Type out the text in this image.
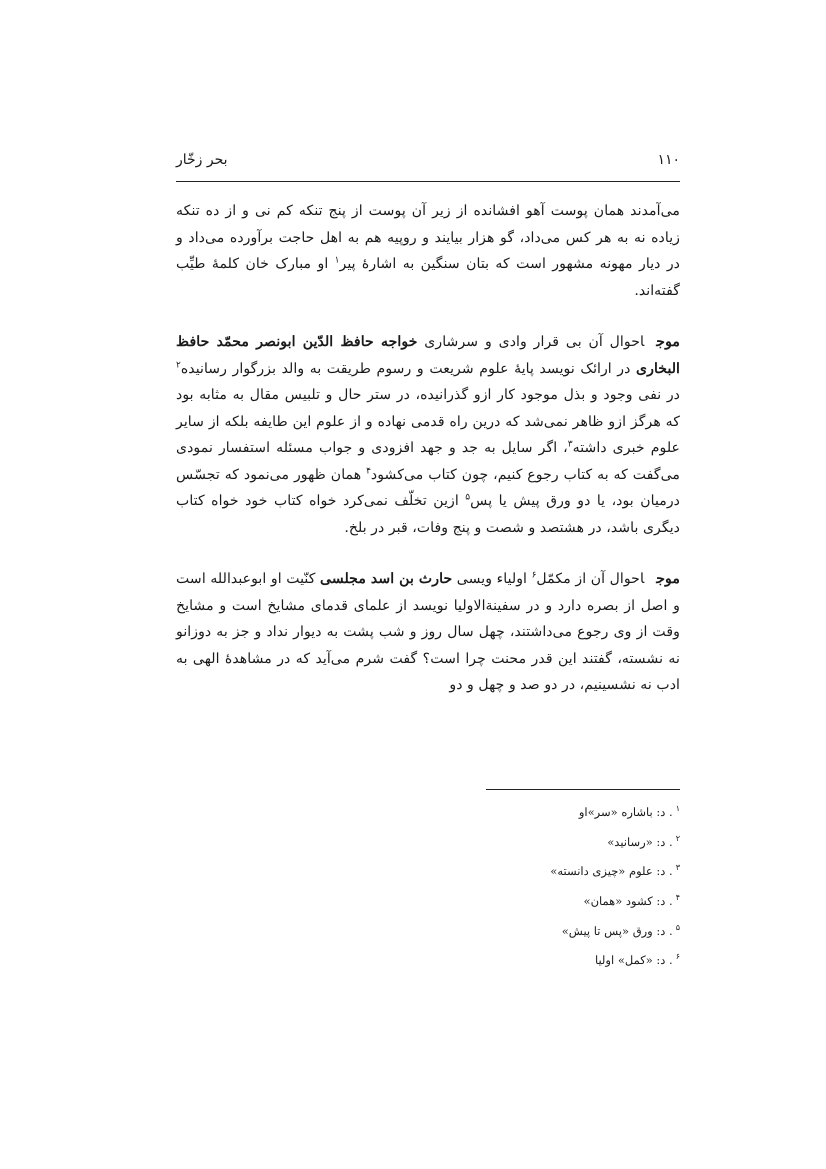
۱۱۰
بحر زخّار

می‌آمدند همان پوست آهو افشانده از زیر آن پوست از پنج تنکه کم نی و از ده تنکه زیاده نه به هر کس می‌داد، گو هزار بیایند و روپیه هم به اهل حاجت برآورده می‌داد و در دیار مهونه مشهور است که بتان سنگین به اشارهٔ پیر$^۱$ او مبارک خان کلمهٔ طیِّب گفته‌اند.

موجاحوال آن بی قرار وادی و سرشاری خواجه حافظ الدّین ابونصر محمّد حافظ البخاری در ارائک نویسد پایهٔ علوم شریعت و رسوم طریقت به والد بزرگوار رسانیده$^۲$ در نفی وجود و بذل موجود کار ازو گذرانیده، در ستر حال و تلبیس مقال به مثابه بود که هرگز ازو ظاهر نمی‌شد که درین راه قدمی نهاده و از علوم این طایفه بلکه از سایر علوم خبری داشته$^۳$، اگر سایل به جد و جهد افزودی و جواب مسئله استفسار نمودی می‌گفت که به کتاب رجوع کنیم، چون کتاب می‌کشود$^۴$ همان ظهور می‌نمود که تجسّس درمیان بود، یا دو ورق پیش یا پس$^۵$ ازین تخلّف نمی‌کرد خواه کتاب خود خواه کتاب دیگری باشد، در هشتصد و شصت و پنج وفات، قبر در بلخ.

موجاحوال آن از مکمّل$^۶$ اولیاء ویسی حارث بن اسد مجلسی کنّیت او ابوعبدالله است و اصل از بصره دارد و در سفینةالاولیا نویسد از علمای قدمای مشایخ است و مشایخ وقت از وی رجوع می‌داشتند، چهل سال روز و شب پشت به دیوار نداد و جز به دوزانو نه نشسته، گفتند این قدر محنت چرا است؟ گفت شرم می‌آید که در مشاهدهٔ الهی به ادب نه نشسینیم، در دو صد و چهل و دو

$^۱$. د: باشاره «سر»او
$^۲$. د: «رسانید»
$^۳$. د: علوم «چیزی دانسته»
$^۴$. د: کشود «همان»
$^۵$. د: ورق «پس تا پیش»
$^۶$. د: «کمل» اولیا
